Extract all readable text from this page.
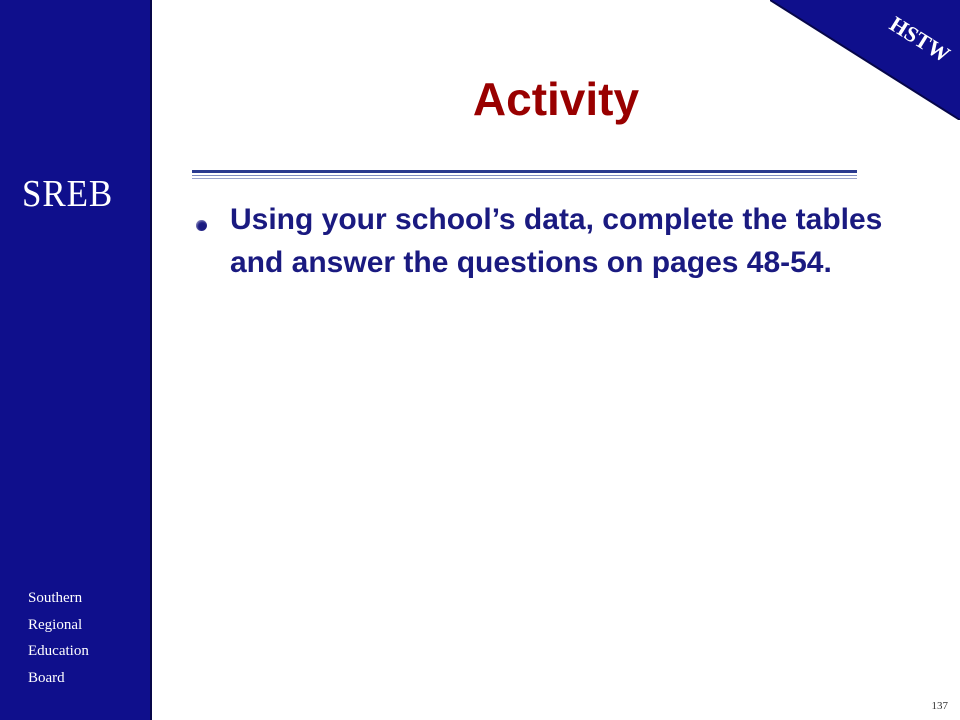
SREB
Southern
Regional
Education
Board
HSTW
Activity

Using your school’s data, complete the tables and answer the questions on pages 48-54.

137
